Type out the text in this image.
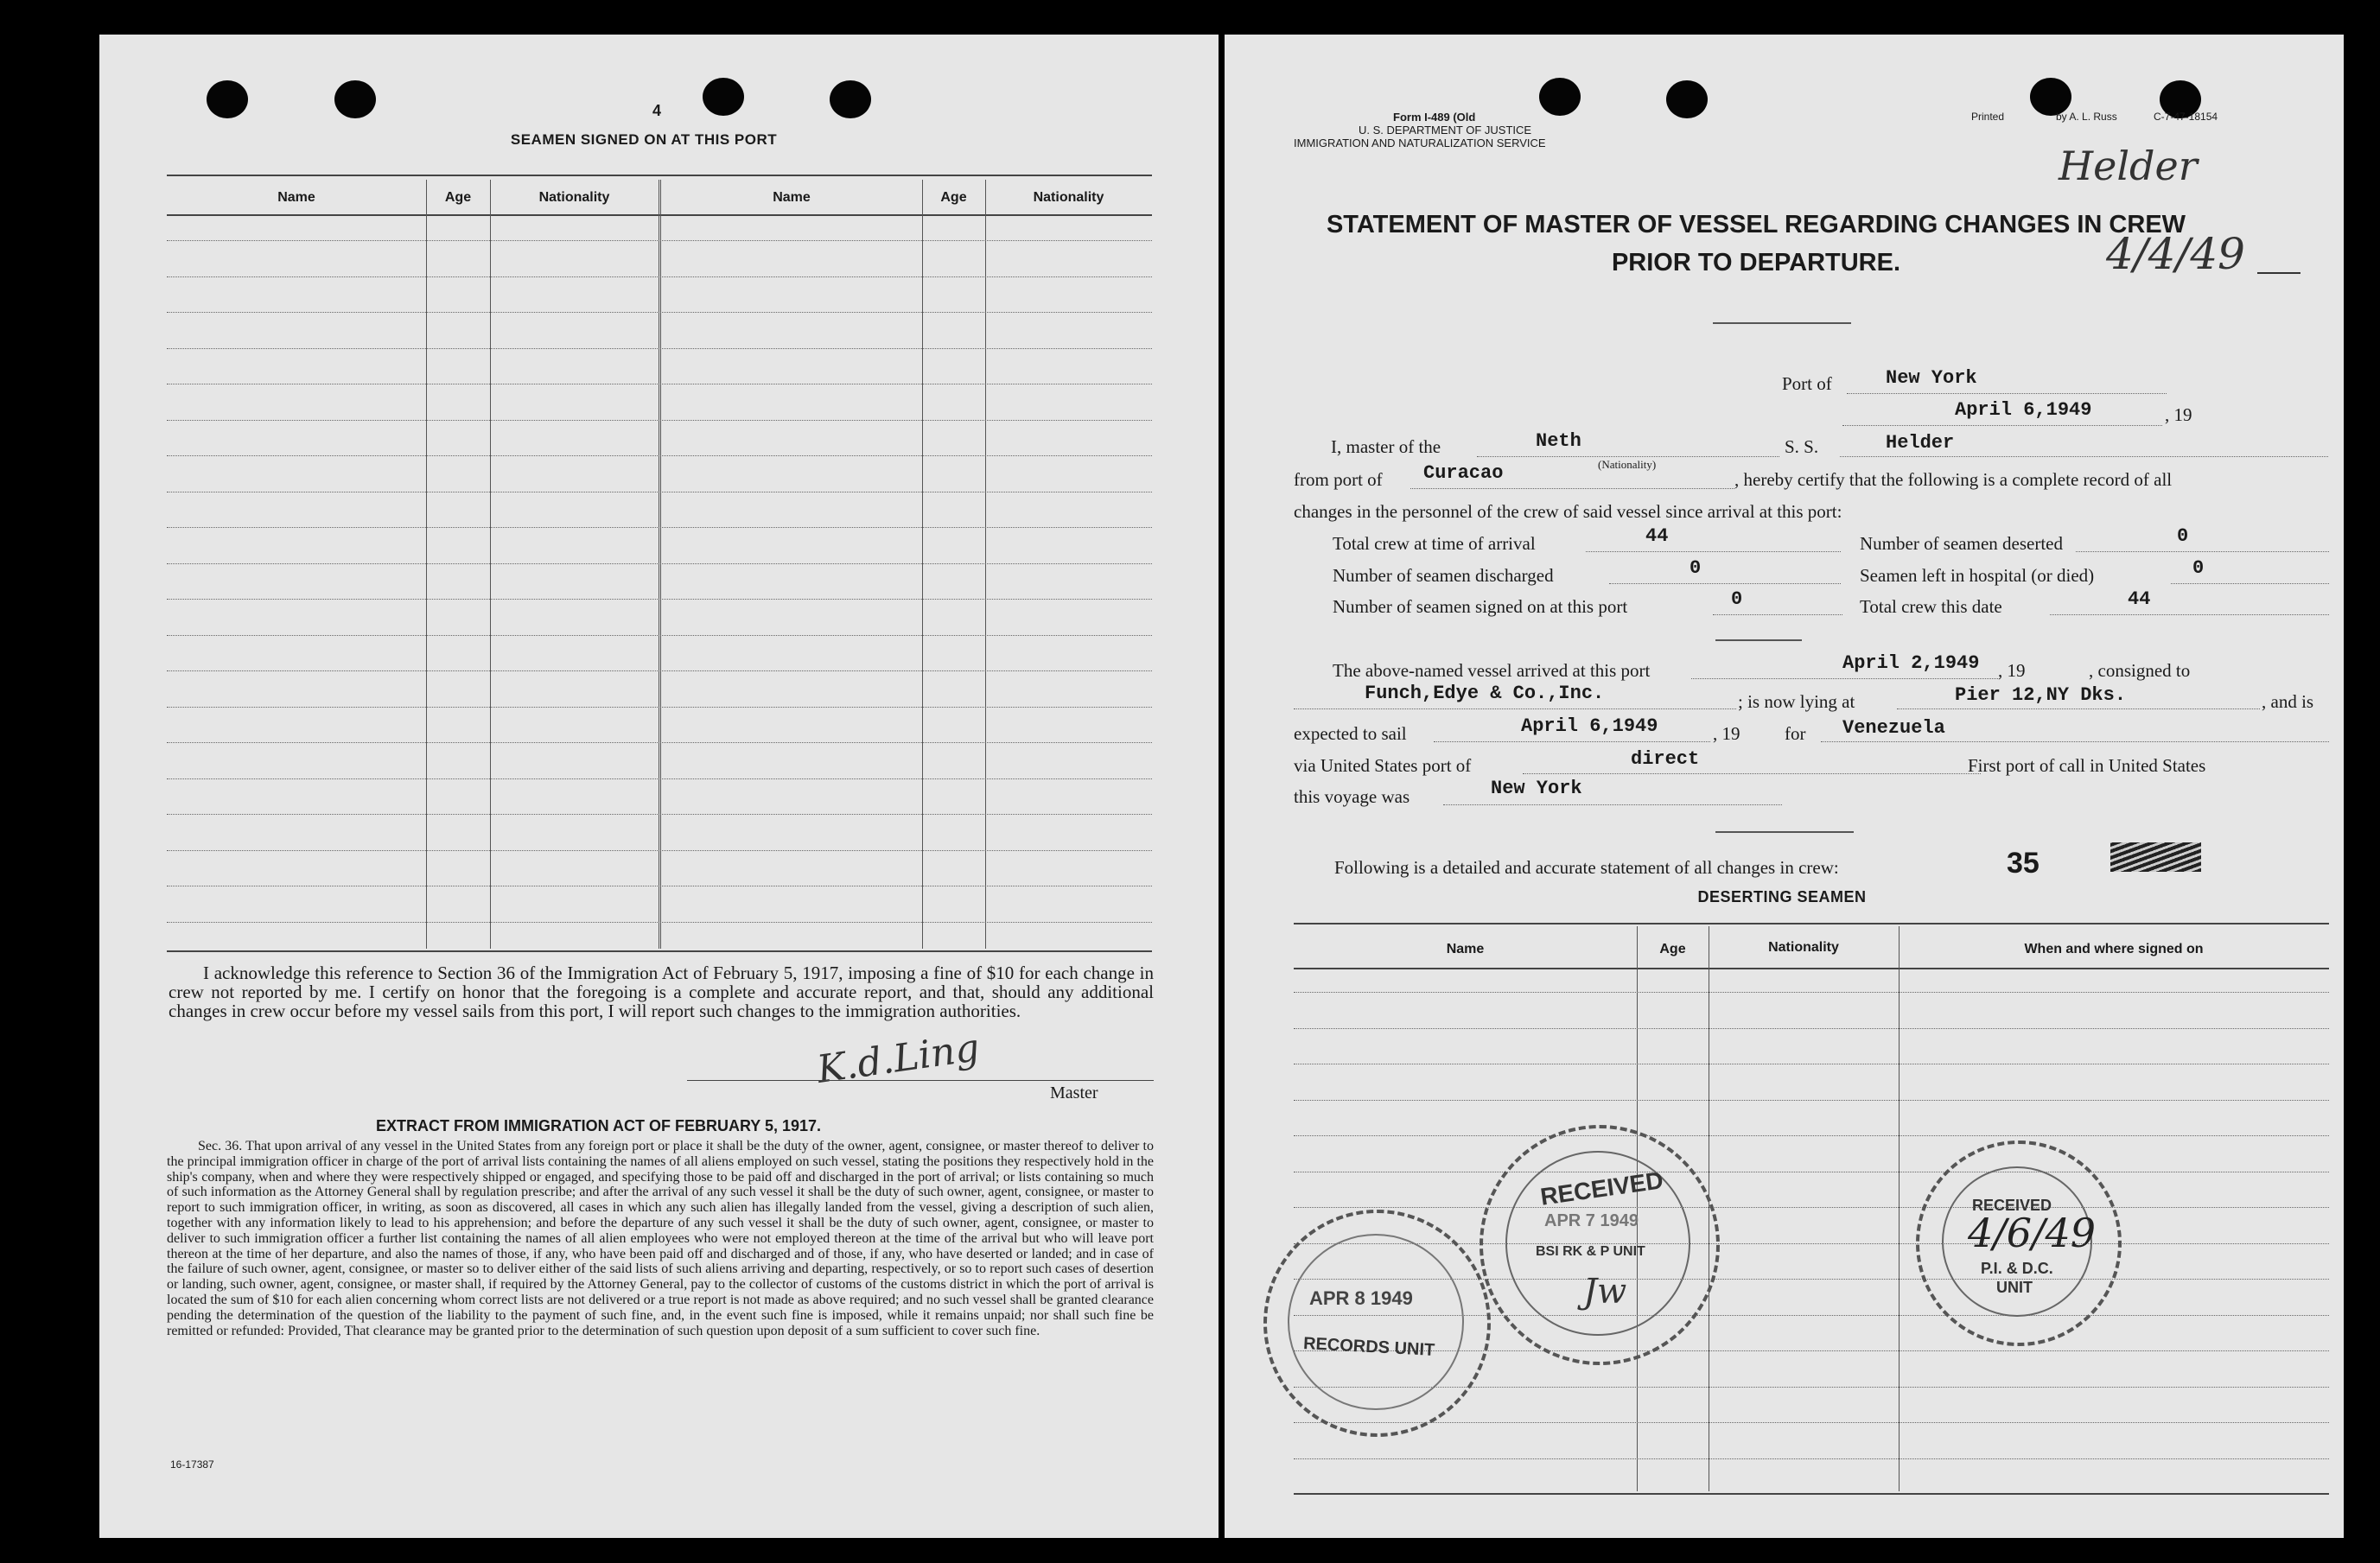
4
SEAMEN SIGNED ON AT THIS PORT
Name	Age	Nationality	Name	Age	Nationality
I acknowledge this reference to Section 36 of the Immigration Act of February 5, 1917, imposing a fine of $10 for each change in crew not reported by me. I certify on honor that the foregoing is a complete and accurate report, and that, should any additional changes in crew occur before my vessel sails from this port, I will report such changes to the immigration authorities.
K.d.Ling
Master
EXTRACT FROM IMMIGRATION ACT OF FEBRUARY 5, 1917.
Sec. 36. That upon arrival of any vessel in the United States from any foreign port or place it shall be the duty of the owner, agent, consignee, or master thereof to deliver to the principal immigration officer in charge of the port of arrival lists containing the names of all aliens employed on such vessel, stating the positions they respectively hold in the ship's company, when and where they were respectively shipped or engaged, and specifying those to be paid off and discharged in the port of arrival; or lists containing so much of such information as the Attorney General shall by regulation prescribe; and after the arrival of any such vessel it shall be the duty of such owner, agent, consignee, or master to report to such immigration officer, in writing, as soon as discovered, all cases in which any such alien has illegally landed from the vessel, giving a description of such alien, together with any information likely to lead to his apprehension; and before the departure of any such vessel it shall be the duty of such owner, agent, consignee, or master to deliver to such immigration officer a further list containing the names of all alien employees who were not employed thereon at the time of the arrival but who will leave port thereon at the time of her departure, and also the names of those, if any, who have been paid off and discharged and of those, if any, who have deserted or landed; and in case of the failure of such owner, agent, consignee, or master so to deliver either of the said lists of such aliens arriving and departing, respectively, or so to report such cases of desertion or landing, such owner, agent, consignee, or master shall, if required by the Attorney General, pay to the collector of customs of the customs district in which the port of arrival is located the sum of $10 for each alien concerning whom correct lists are not delivered or a true report is not made as above required; and no such vessel shall be granted clearance pending the determination of the question of the liability to the payment of such fine, and, in the event such fine is imposed, while it remains unpaid; nor shall such fine be remitted or refunded: Provided, That clearance may be granted prior to the determination of such question upon deposit of a sum sufficient to cover such fine.
16-17387
Form I-489 (Old
U. S. DEPARTMENT OF JUSTICE
IMMIGRATION AND NATURALIZATION SERVICE
Printed	by A. L. Russ	C-7-47-18154
Helder
4/4/49
STATEMENT OF MASTER OF VESSEL REGARDING CHANGES IN CREW
PRIOR TO DEPARTURE.
Port of	New York
April 6,1949	, 19
I, master of the	Neth	S. S.	Helder
from port of Curacao	(Nationality)
, hereby certify that the following is a complete record of all
changes in the personnel of the crew of said vessel since arrival at this port:
Total crew at time of arrival	44	Number of seamen deserted	0
Number of seamen discharged	0	Seamen left in hospital (or died)	0
Number of seamen signed on at this port	0	Total crew this date	44
The above-named vessel arrived at this port	April 2,1949 , 19	, consigned to
Funch,Edye & Co.,Inc.	; is now lying at	Pier 12,NY Dks.	, and is
expected to sail	April 6,1949	, 19 for Venezuela
via United States port of	direct	First port of call in United States
this voyage was	New York
Following is a detailed and accurate statement of all changes in crew:	35
DESERTING SEAMEN
Name	Age	Nationality	When and where signed on
RECEIVED
APR 7 1949
BSI RK & P UNIT
Jw
RECEIVED
4/6/49
P.I. & D.C.
UNIT
APR 8 1949
RECORDS UNIT
